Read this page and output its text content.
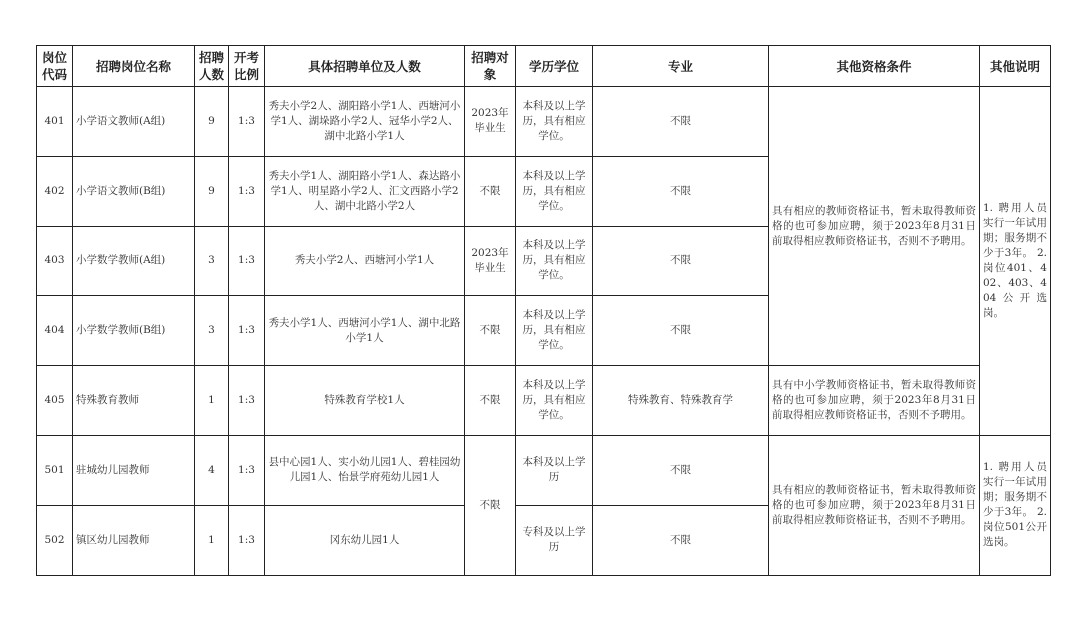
岗位代码	招聘岗位名称	招聘人数	开考比例	具体招聘单位及人数	招聘对象	学历学位	专业	其他资格条件	其他说明
401	小学语文教师(A组)	9	1:3	秀夫小学2人、湖阳路小学1人、西塘河小学1人、湖垛路小学2人、冠华小学2人、湖中北路小学1人	2023年毕业生	本科及以上学历，具有相应学位。	不限	具有相应的教师资格证书，暂未取得教师资格的也可参加应聘，须于2023年8月31日前取得相应教师资格证书，否则不予聘用。	1. 聘用人员实行一年试用期；服务期不少于3年。 2. 岗位401、402、403、404公开选岗。
402	小学语文教师(B组)	9	1:3	秀夫小学1人、湖阳路小学1人、森达路小学1人、明星路小学2人、汇文西路小学2人、湖中北路小学2人	不限	本科及以上学历，具有相应学位。	不限		
403	小学数学教师(A组)	3	1:3	秀夫小学2人、西塘河小学1人	2023年毕业生	本科及以上学历，具有相应学位。	不限		
404	小学数学教师(B组)	3	1:3	秀夫小学1人、西塘河小学1人、湖中北路小学1人	不限	本科及以上学历，具有相应学位。	不限		
405	特殊教育教师	1	1:3	特殊教育学校1人	不限	本科及以上学历，具有相应学位。	特殊教育、特殊教育学	具有中小学教师资格证书，暂未取得教师资格的也可参加应聘，须于2023年8月31日前取得相应教师资格证书，否则不予聘用。	
501	驻城幼儿园教师	4	1:3	县中心园1人、实小幼儿园1人、碧桂园幼儿园1人、怡景学府苑幼儿园1人	不限	本科及以上学历	不限	具有相应的教师资格证书，暂未取得教师资格的也可参加应聘，须于2023年8月31日前取得相应教师资格证书，否则不予聘用。	1. 聘用人员实行一年试用期；服务期不少于3年。 2. 岗位501公开选岗。
502	镇区幼儿园教师	1	1:3	冈东幼儿园1人		专科及以上学历	不限		
